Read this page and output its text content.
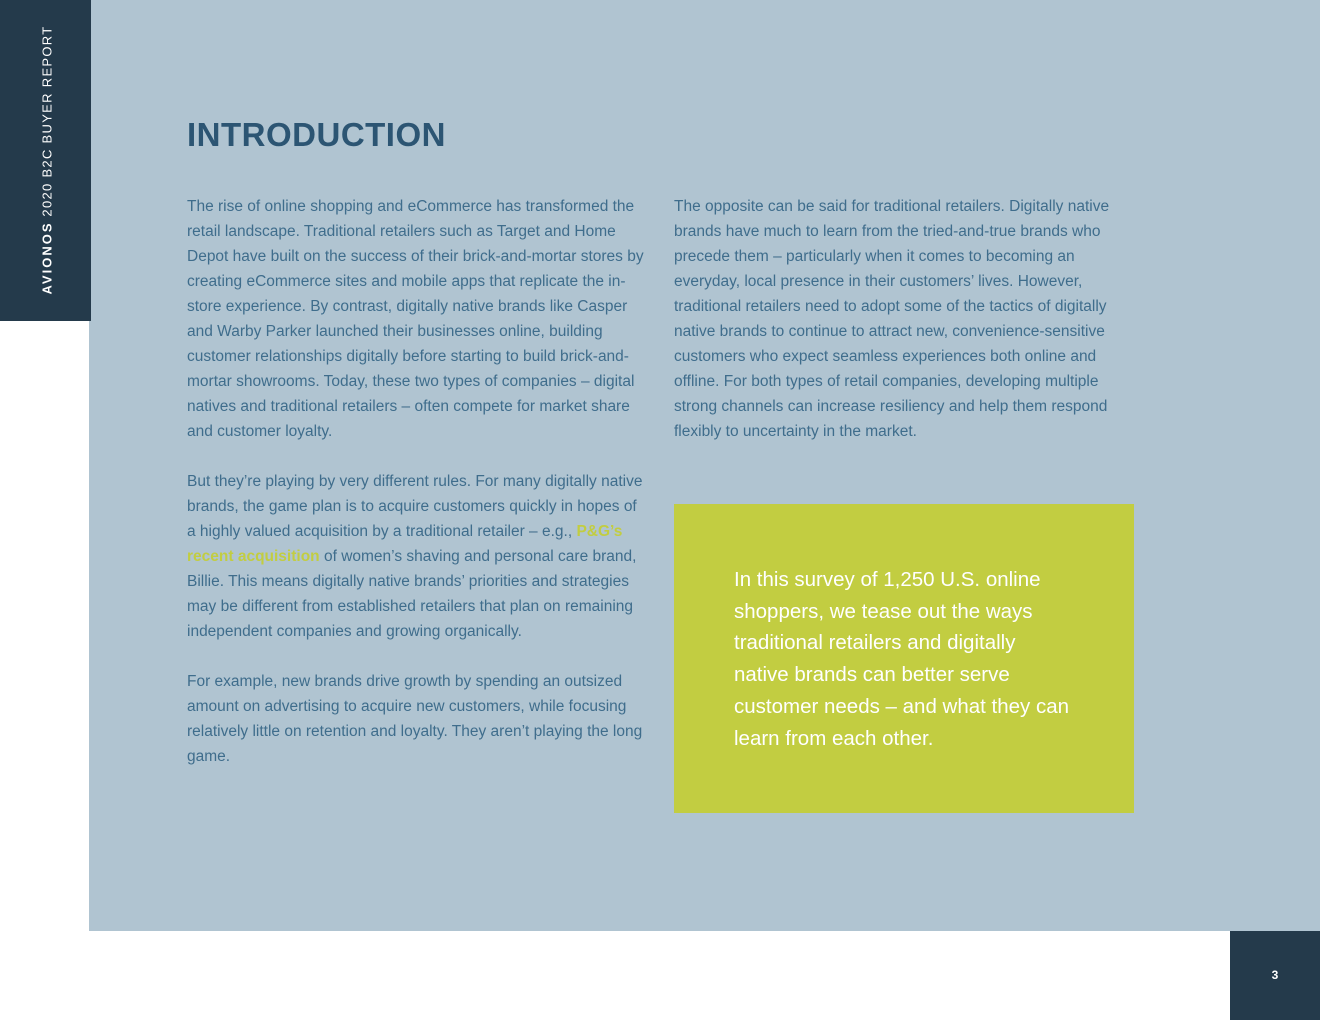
AVIONOS 2020 B2C BUYER REPORT	INTRODUCTION

The rise of online shopping and eCommerce has transformed the retail landscape. Traditional retailers such as Target and Home Depot have built on the success of their brick-and-mortar stores by creating eCommerce sites and mobile apps that replicate the in-store experience. By contrast, digitally native brands like Casper and Warby Parker launched their businesses online, building customer relationships digitally before starting to build brick-and-mortar showrooms. Today, these two types of companies – digital natives and traditional retailers – often compete for market share and customer loyalty.

But they’re playing by very different rules. For many digitally native brands, the game plan is to acquire customers quickly in hopes of a highly valued acquisition by a traditional retailer – e.g., P&G’s recent acquisition of women’s shaving and personal care brand, Billie. This means digitally native brands’ priorities and strategies may be different from established retailers that plan on remaining independent companies and growing organically.

For example, new brands drive growth by spending an outsized amount on advertising to acquire new customers, while focusing relatively little on retention and loyalty. They aren’t playing the long game.

The opposite can be said for traditional retailers. Digitally native brands have much to learn from the tried-and-true brands who precede them – particularly when it comes to becoming an everyday, local presence in their customers’ lives. However, traditional retailers need to adopt some of the tactics of digitally native brands to continue to attract new, convenience-sensitive customers who expect seamless experiences both online and offline. For both types of retail companies, developing multiple strong channels can increase resiliency and help them respond flexibly to uncertainty in the market.

In this survey of 1,250 U.S. online shoppers, we tease out the ways traditional retailers and digitally native brands can better serve customer needs – and what they can learn from each other.
3
